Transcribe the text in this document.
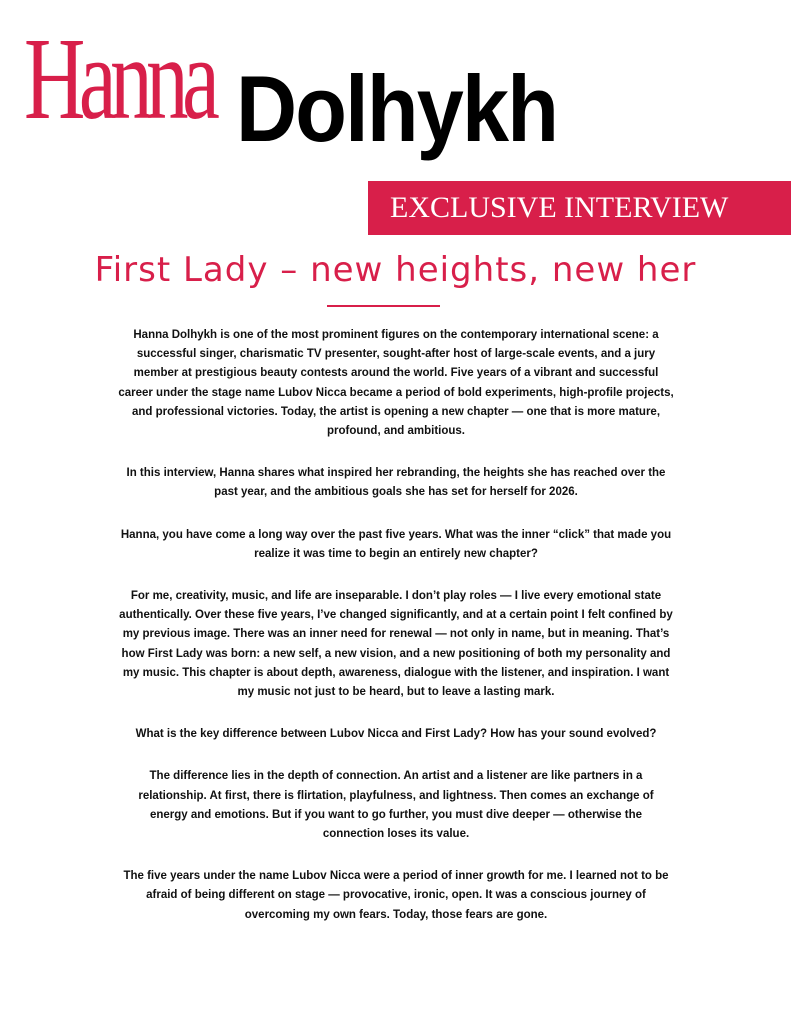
Hanna Dolhykh
EXCLUSIVE INTERVIEW
First Lady – new heights, new her

Hanna Dolhykh is one of the most prominent figures on the contemporary international scene: a successful singer, charismatic TV presenter, sought-after host of large-scale events, and a jury member at prestigious beauty contests around the world. Five years of a vibrant and successful career under the stage name Lubov Nicca became a period of bold experiments, high-profile projects, and professional victories. Today, the artist is opening a new chapter — one that is more mature, profound, and ambitious.

In this interview, Hanna shares what inspired her rebranding, the heights she has reached over the past year, and the ambitious goals she has set for herself for 2026.

Hanna, you have come a long way over the past five years. What was the inner “click” that made you realize it was time to begin an entirely new chapter?

For me, creativity, music, and life are inseparable. I don’t play roles — I live every emotional state authentically. Over these five years, I’ve changed significantly, and at a certain point I felt confined by my previous image. There was an inner need for renewal — not only in name, but in meaning. That’s how First Lady was born: a new self, a new vision, and a new positioning of both my personality and my music. This chapter is about depth, awareness, dialogue with the listener, and inspiration. I want my music not just to be heard, but to leave a lasting mark.

What is the key difference between Lubov Nicca and First Lady? How has your sound evolved?

The difference lies in the depth of connection. An artist and a listener are like partners in a relationship. At first, there is flirtation, playfulness, and lightness. Then comes an exchange of energy and emotions. But if you want to go further, you must dive deeper — otherwise the connection loses its value.

The five years under the name Lubov Nicca were a period of inner growth for me. I learned not to be afraid of being different on stage — provocative, ironic, open. It was a conscious journey of overcoming my own fears. Today, those fears are gone.
